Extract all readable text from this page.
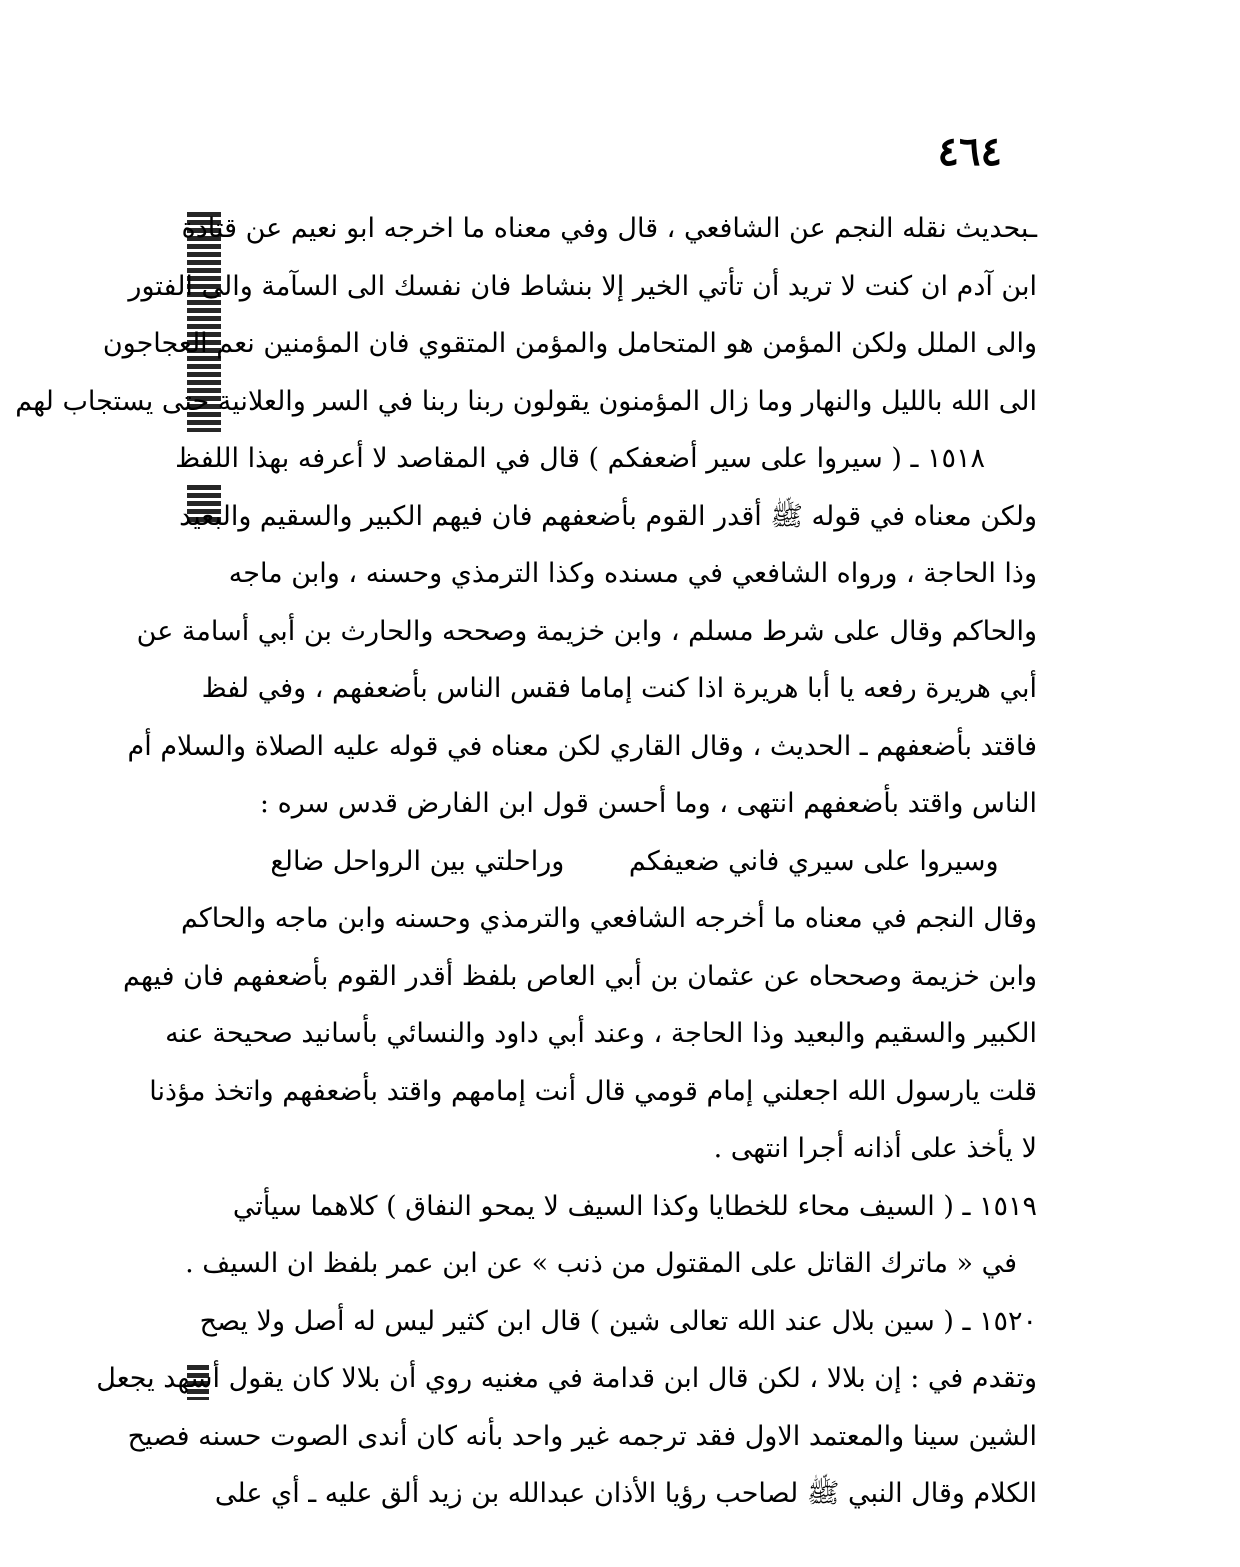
٤٦٤
ـبحديث نقله النجم عن الشافعي ، قال وفي معناه ما اخرجه ابو نعيم عن قتادة
ابن آدم ان كنت لا تريد أن تأتي الخير إلا بنشاط فان نفسك الى السآمة والى الفتور
والى الملل ولكن المؤمن هو المتحامل والمؤمن المتقوي فان المؤمنين نعم العجاجون
الى الله بالليل والنهار وما زال المؤمنون يقولون ربنا ربنا في السر والعلانية حتى يستجاب لهم
١٥١٨ ـ ( سيروا على سير أضعفكم ) قال في المقاصد لا أعرفه بهذا اللفظ
ولكن معناه في قوله ﷺ أقدر القوم بأضعفهم فان فيهم الكبير والسقيم والبعيد
وذا الحاجة ، ورواه الشافعي في مسنده وكذا الترمذي وحسنه ، وابن ماجه
والحاكم وقال على شرط مسلم ، وابن خزيمة وصححه والحارث بن أبي أسامة عن
أبي هريرة رفعه يا أبا هريرة اذا كنت إماما فقس الناس بأضعفهم ، وفي لفظ
فاقتد بأضعفهم ـ الحديث ، وقال القاري لكن معناه في قوله عليه الصلاة والسلام أم
الناس واقتد بأضعفهم انتهى ، وما أحسن قول ابن الفارض قدس سره :
وسيروا على سيري فاني ضعيفكم وراحلتي بين الرواحل ضالع
وقال النجم في معناه ما أخرجه الشافعي والترمذي وحسنه وابن ماجه والحاكم
وابن خزيمة وصححاه عن عثمان بن أبي العاص بلفظ أقدر القوم بأضعفهم فان فيهم
الكبير والسقيم والبعيد وذا الحاجة ، وعند أبي داود والنسائي بأسانيد صحيحة عنه
قلت يارسول الله اجعلني إمام قومي قال أنت إمامهم واقتد بأضعفهم واتخذ مؤذنا
لا يأخذ على أذانه أجرا انتهى .
١٥١٩ ـ ( السيف محاء للخطايا وكذا السيف لا يمحو النفاق ) كلاهما سيأتي
في « ماترك القاتل على المقتول من ذنب » عن ابن عمر بلفظ ان السيف .
١٥٢٠ ـ ( سين بلال عند الله تعالى شين ) قال ابن كثير ليس له أصل ولا يصح
وتقدم في : إن بلالا ، لكن قال ابن قدامة في مغنيه روي أن بلالا كان يقول أسهد يجعل
الشين سينا والمعتمد الاول فقد ترجمه غير واحد بأنه كان أندى الصوت حسنه فصيح
الكلام وقال النبي ﷺ لصاحب رؤيا الأذان عبدالله بن زيد ألق عليه ـ أي على
